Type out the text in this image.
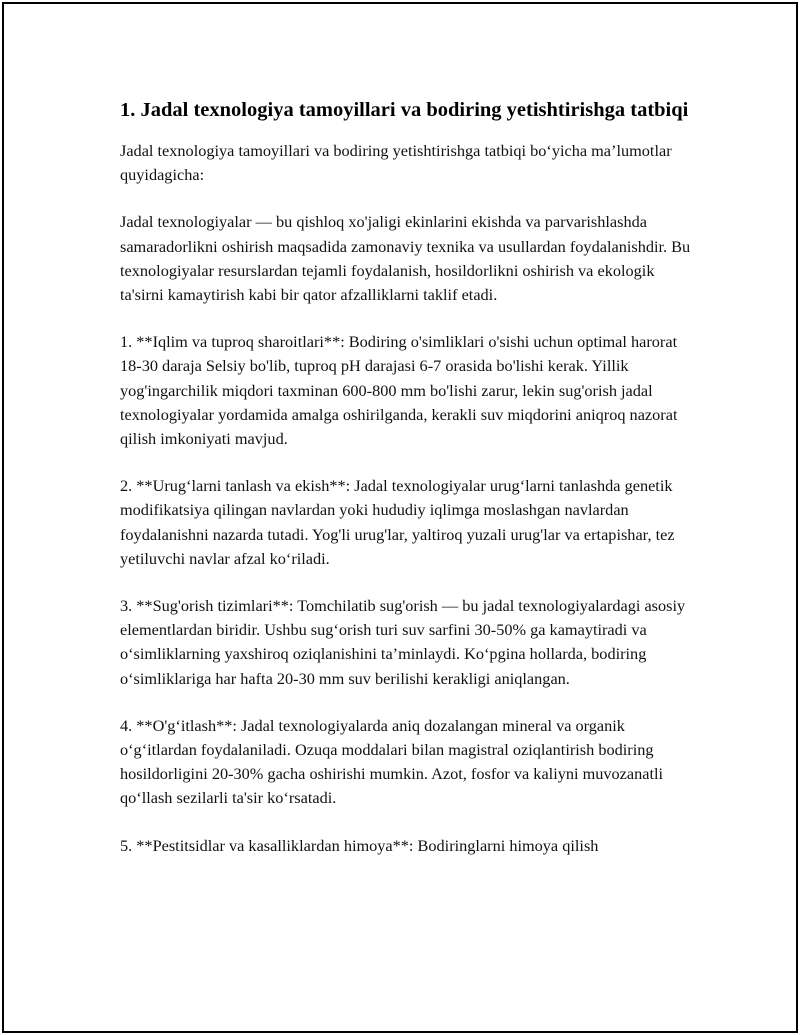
1. Jadal texnologiya tamoyillari va bodiring yetishtirishga tatbiqi

Jadal texnologiya tamoyillari va bodiring yetishtirishga tatbiqi bo‘yicha ma’lumotlar quyidagicha:

Jadal texnologiyalar — bu qishloq xo'jaligi ekinlarini ekishda va parvarishlashda samaradorlikni oshirish maqsadida zamonaviy texnika va usullardan foydalanishdir. Bu texnologiyalar resurslardan tejamli foydalanish, hosildorlikni oshirish va ekologik ta'sirni kamaytirish kabi bir qator afzalliklarni taklif etadi.

1. **Iqlim va tuproq sharoitlari**: Bodiring o'simliklari o'sishi uchun optimal harorat 18-30 daraja Selsiy bo'lib, tuproq pH darajasi 6-7 orasida bo'lishi kerak. Yillik yog'ingarchilik miqdori taxminan 600-800 mm bo'lishi zarur, lekin sug'orish jadal texnologiyalar yordamida amalga oshirilganda, kerakli suv miqdorini aniqroq nazorat qilish imkoniyati mavjud.

2. **Urug‘larni tanlash va ekish**: Jadal texnologiyalar urug‘larni tanlashda genetik modifikatsiya qilingan navlardan yoki hududiy iqlimga moslashgan navlardan foydalanishni nazarda tutadi. Yog'li urug'lar, yaltiroq yuzali urug'lar va ertapishar, tez yetiluvchi navlar afzal ko‘riladi.

3. **Sug'orish tizimlari**: Tomchilatib sug'orish — bu jadal texnologiyalardagi asosiy elementlardan biridir. Ushbu sug‘orish turi suv sarfini 30-50% ga kamaytiradi va o‘simliklarning yaxshiroq oziqlanishini ta’minlaydi. Ko‘pgina hollarda, bodiring o‘simliklariga har hafta 20-30 mm suv berilishi kerakligi aniqlangan.

4. **O'g‘itlash**: Jadal texnologiyalarda aniq dozalangan mineral va organik o‘g‘itlardan foydalaniladi. Ozuqa moddalari bilan magistral oziqlantirish bodiring hosildorligini 20-30% gacha oshirishi mumkin. Azot, fosfor va kaliyni muvozanatli qo‘llash sezilarli ta'sir ko‘rsatadi.

5. **Pestitsidlar va kasalliklardan himoya**: Bodiringlarni himoya qilish
